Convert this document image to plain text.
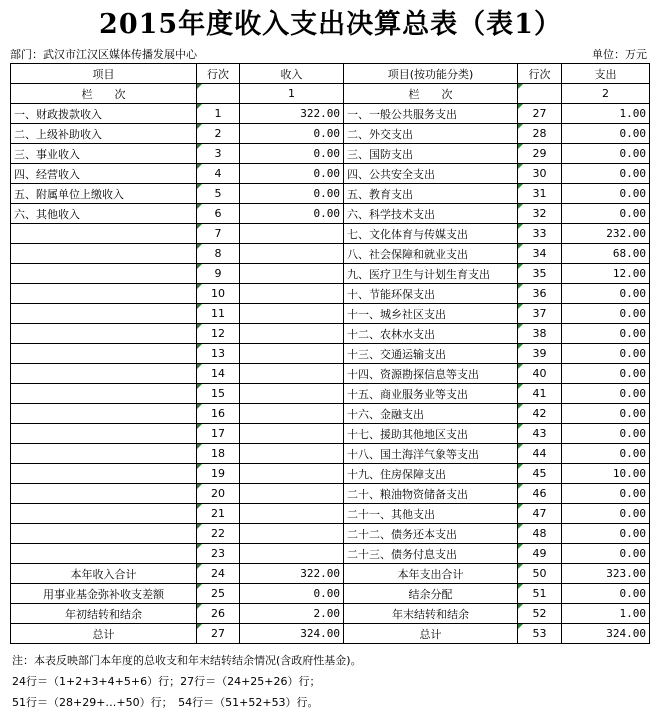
2015年度收入支出决算总表（表1）
部门：武汉市江汉区媒体传播发展中心	单位：万元
项目	行次	收入	项目(按功能分类)	行次	支出
栏　　次		1	栏　　次		2
一、财政拨款收入	1	322.00	一、一般公共服务支出	27	1.00
二、上级补助收入	2	0.00	二、外交支出	28	0.00
三、事业收入	3	0.00	三、国防支出	29	0.00
四、经营收入	4	0.00	四、公共安全支出	30	0.00
五、附属单位上缴收入	5	0.00	五、教育支出	31	0.00
六、其他收入	6	0.00	六、科学技术支出	32	0.00
	7		七、文化体育与传媒支出	33	232.00
	8		八、社会保障和就业支出	34	68.00
	9		九、医疗卫生与计划生育支出	35	12.00
	10		十、节能环保支出	36	0.00
	11		十一、城乡社区支出	37	0.00
	12		十二、农林水支出	38	0.00
	13		十三、交通运输支出	39	0.00
	14		十四、资源勘探信息等支出	40	0.00
	15		十五、商业服务业等支出	41	0.00
	16		十六、金融支出	42	0.00
	17		十七、援助其他地区支出	43	0.00
	18		十八、国土海洋气象等支出	44	0.00
	19		十九、住房保障支出	45	10.00
	20		二十、粮油物资储备支出	46	0.00
	21		二十一、其他支出	47	0.00
	22		二十二、债务还本支出	48	0.00
	23		二十三、债务付息支出	49	0.00
本年收入合计	24	322.00	本年支出合计	50	323.00
用事业基金弥补收支差额	25	0.00	结余分配	51	0.00
年初结转和结余	26	2.00	年末结转和结余	52	1.00
总计	27	324.00	总计	53	324.00
注：本表反映部门本年度的总收支和年末结转结余情况(含政府性基金)。
24行＝（1+2+3+4+5+6）行；27行＝（24+25+26）行；
51行＝（28+29+…+50）行；　54行＝（51+52+53）行。
